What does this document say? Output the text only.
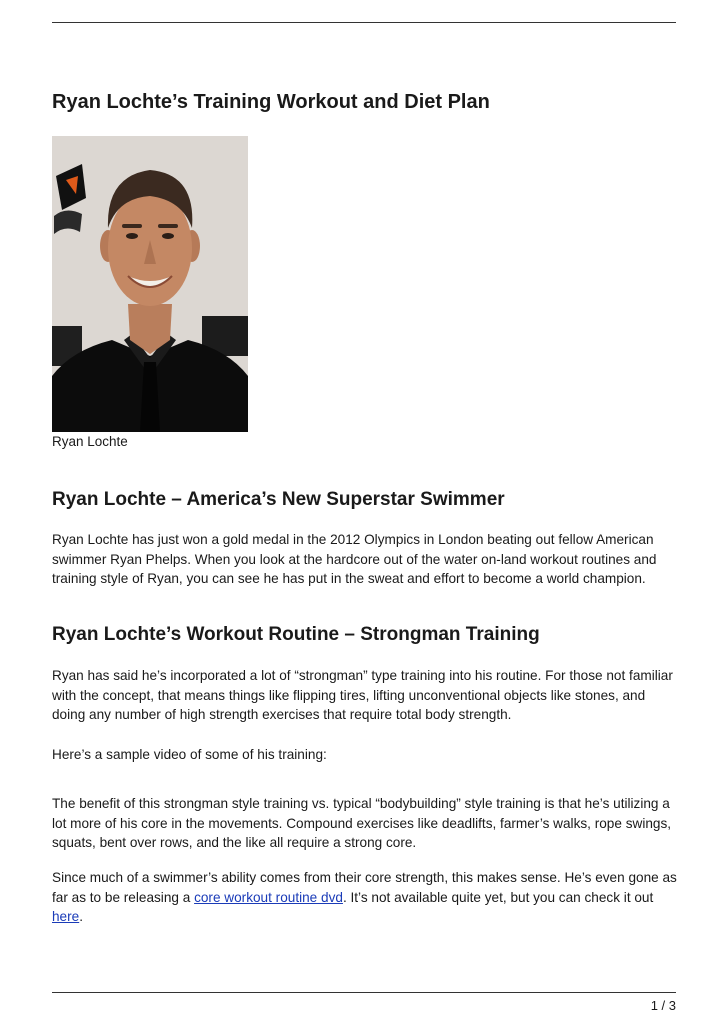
Ryan Lochte’s Training Workout and Diet Plan
Ryan Lochte
Ryan Lochte – America’s New Superstar Swimmer

Ryan Lochte has just won a gold medal in the 2012 Olympics in London beating out fellow American swimmer Ryan Phelps. When you look at the hardcore out of the water on-land workout routines and training style of Ryan, you can see he has put in the sweat and effort to become a world champion.

Ryan Lochte’s Workout Routine – Strongman Training

Ryan has said he’s incorporated a lot of “strongman” type training into his routine. For those not familiar with the concept, that means things like flipping tires, lifting unconventional objects like stones, and doing any number of high strength exercises that require total body strength.

Here’s a sample video of some of his training:

The benefit of this strongman style training vs. typical “bodybuilding” style training is that he’s utilizing a lot more of his core in the movements. Compound exercises like deadlifts, farmer’s walks, rope swings, squats, bent over rows, and the like all require a strong core.

Since much of a swimmer’s ability comes from their core strength, this makes sense. He’s even gone as far as to be releasing a core workout routine dvd. It’s not available quite yet, but you can check it out here.

1 / 3
